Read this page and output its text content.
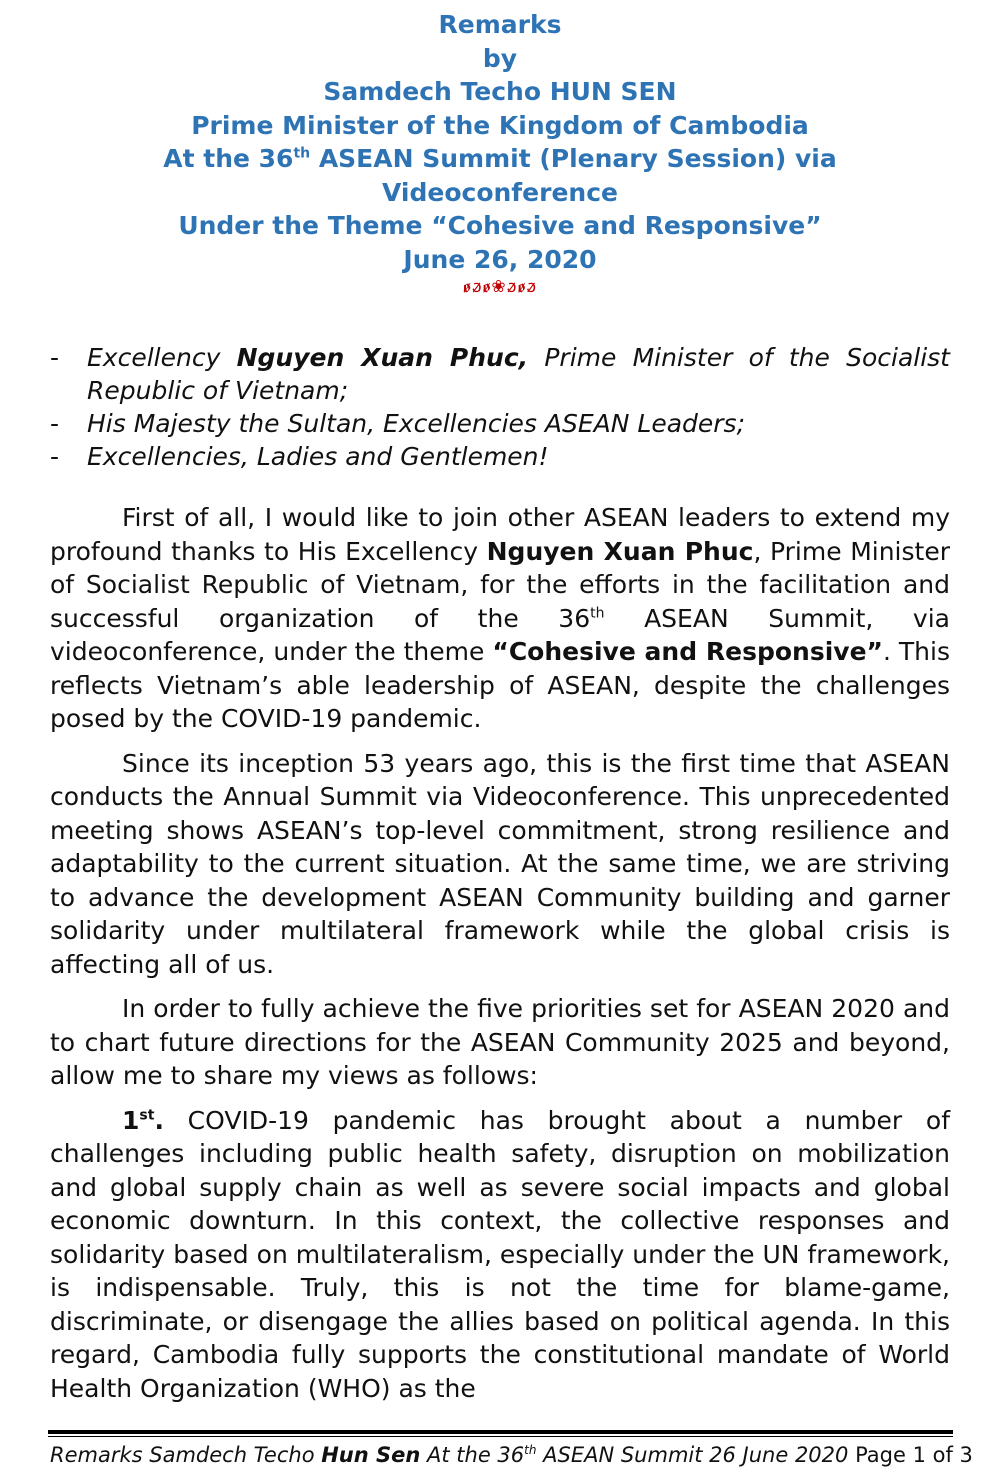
Remarks
by
Samdech Techo HUN SEN
Prime Minister of the Kingdom of Cambodia
At the 36th ASEAN Summit (Plenary Session) via
Videoconference
Under the Theme “Cohesive and Responsive”
June 26, 2020
ꬾꬿꬾ❀ꬿꬾꬿ
-	Excellency Nguyen Xuan Phuc, Prime Minister of the Socialist Republic of Vietnam;
-	His Majesty the Sultan, Excellencies ASEAN Leaders;
-	Excellencies, Ladies and Gentlemen!

First of all, I would like to join other ASEAN leaders to extend my profound thanks to His Excellency Nguyen Xuan Phuc, Prime Minister of Socialist Republic of Vietnam, for the efforts in the facilitation and successful organization of the 36th ASEAN Summit, via videoconference, under the theme “Cohesive and Responsive”. This reflects Vietnam’s able leadership of ASEAN, despite the challenges posed by the COVID-19 pandemic.

Since its inception 53 years ago, this is the first time that ASEAN conducts the Annual Summit via Videoconference. This unprecedented meeting shows ASEAN’s top-level commitment, strong resilience and adaptability to the current situation. At the same time, we are striving to advance the development ASEAN Community building and garner solidarity under multilateral framework while the global crisis is affecting all of us.

In order to fully achieve the five priorities set for ASEAN 2020 and to chart future directions for the ASEAN Community 2025 and beyond, allow me to share my views as follows:

1st. COVID-19 pandemic has brought about a number of challenges including public health safety, disruption on mobilization and global supply chain as well as severe social impacts and global economic downturn. In this context, the collective responses and solidarity based on multilateralism, especially under the UN framework, is indispensable. Truly, this is not the time for blame-game, discriminate, or disengage the allies based on political agenda. In this regard, Cambodia fully supports the constitutional mandate of World Health Organization (WHO) as the

Remarks Samdech Techo Hun Sen At the 36th ASEAN Summit 26 June 2020 Page 1 of 3
